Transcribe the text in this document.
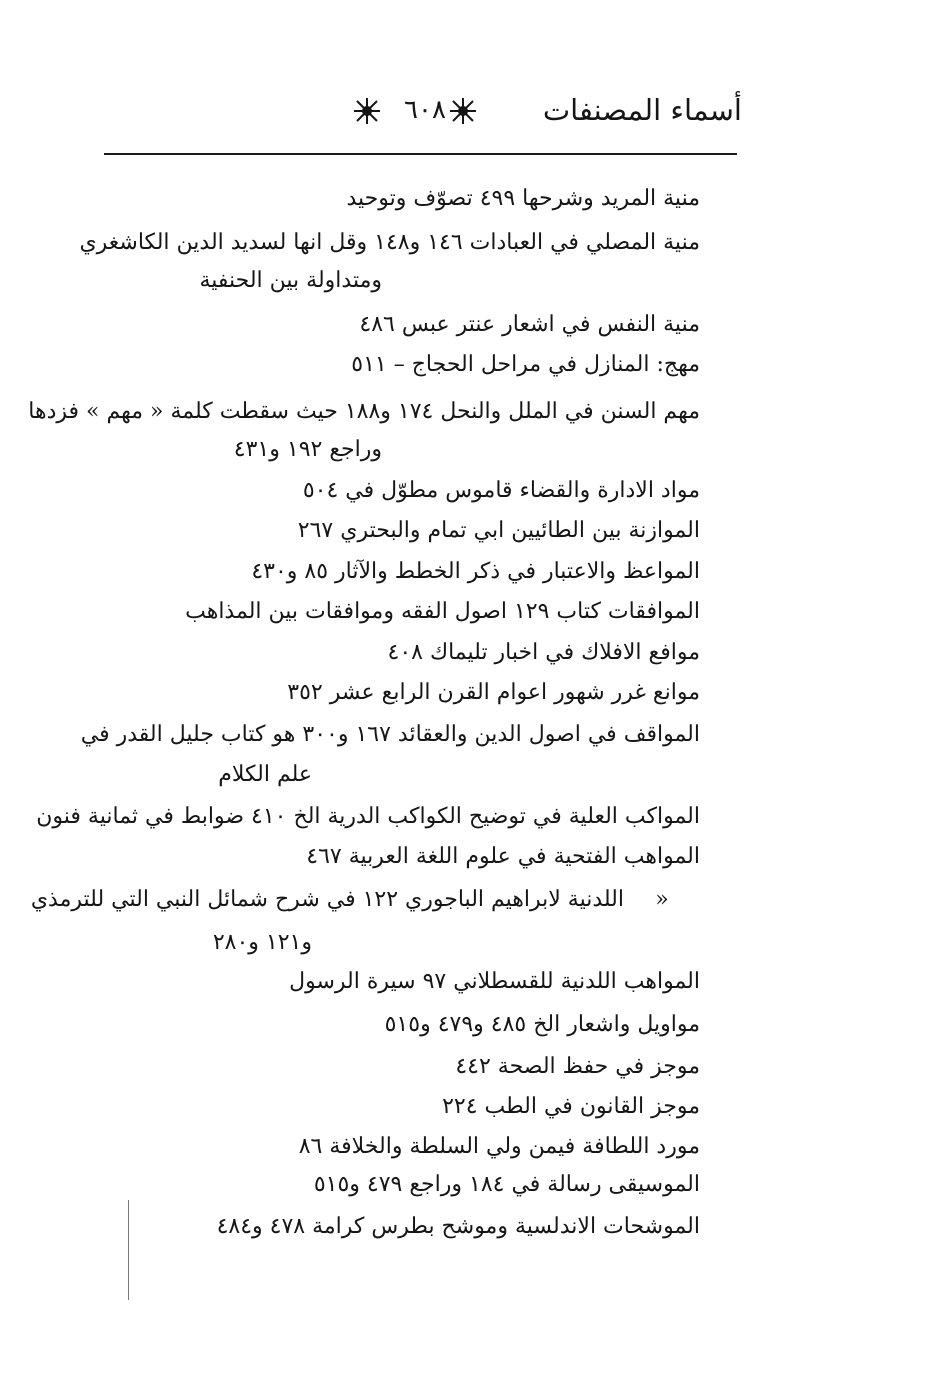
أسماء المصنفات
٦٠٨
منية المريد وشرحها ٤٩٩ تصوّف وتوحيد
منية المصلي في العبادات ١٤٦ و١٤٨ وقل انها لسديد الدين الكاشغري
ومتداولة بين الحنفية
منية النفس في اشعار عنتر عبس ٤٨٦
مهج: المنازل في مراحل الحجاج – ٥١١
مهم السنن في الملل والنحل ١٧٤ و١٨٨ حيث سقطت كلمة « مهم » فزدها
وراجع ١٩٢ و٤٣١
مواد الادارة والقضاء قاموس مطوّل في ٥٠٤
الموازنة بين الطائيين ابي تمام والبحتري ٢٦٧
المواعظ والاعتبار في ذكر الخطط والآثار ٨٥ و٤٣٠
الموافقات كتاب ١٢٩ اصول الفقه وموافقات بين المذاهب
موافع الافلاك في اخبار تليماك ٤٠٨
موانع غرر شهور اعوام القرن الرابع عشر ٣٥٢
المواقف في اصول الدين والعقائد ١٦٧ و٣٠٠ هو كتاب جليل القدر في
علم الكلام
المواكب العلية في توضيح الكواكب الدرية الخ ٤١٠ ضوابط في ثمانية فنون
المواهب الفتحية في علوم اللغة العربية ٤٦٧
»
اللدنية لابراهيم الباجوري ١٢٢ في شرح شمائل النبي التي للترمذي
و١٢١ و٢٨٠
المواهب اللدنية للقسطلاني ٩٧ سيرة الرسول
مواويل واشعار الخ ٤٨٥ و٤٧٩ و٥١٥
موجز في حفظ الصحة ٤٤٢
موجز القانون في الطب ٢٢٤
مورد اللطافة فيمن ولي السلطة والخلافة ٨٦
الموسيقى رسالة في ١٨٤ وراجع ٤٧٩ و٥١٥
الموشحات الاندلسية وموشح بطرس كرامة ٤٧٨ و٤٨٤
